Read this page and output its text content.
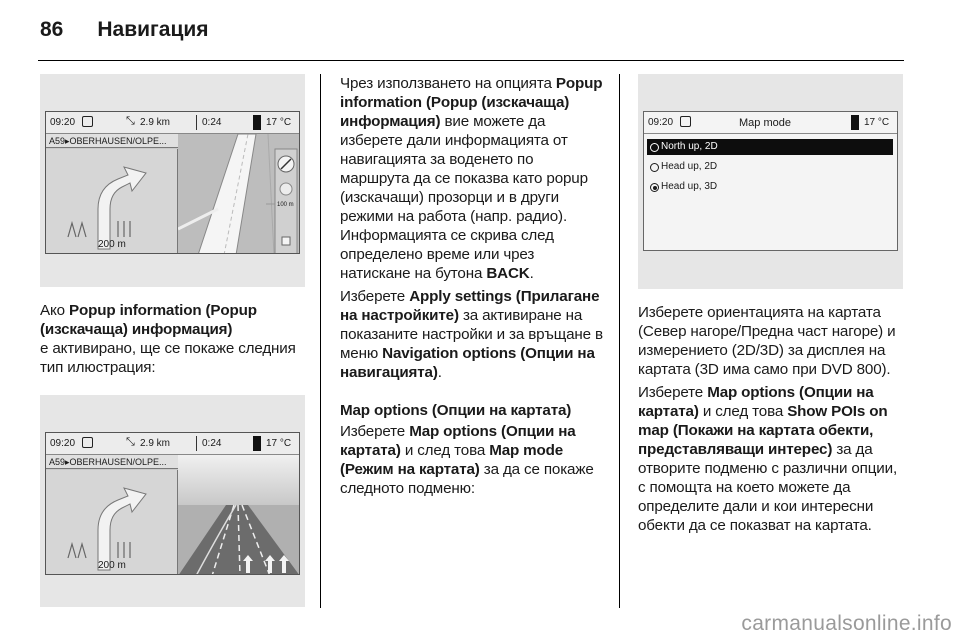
86 Навигация
09:20	⤡ 2.9 km	0:24	17 °C
A59▸OBERHAUSEN/OLPE...
200 m
100 m

Ако Popup information (Popup (изскачаща) информация)

е активирано, ще се покаже следния тип илюстрация:

09:20	⤡ 2.9 km	0:24	17 °C
A59▸OBERHAUSEN/OLPE...
200 m

Чрез използването на опцията Popup information (Popup (изскачаща) информация) вие можете да изберете дали информацията от навигацията за воденето по маршрута да се показва като popup (изскачащи) прозорци и в други режими на работа (напр. радио). Информацията се скрива след определено време или чрез натискане на бутона BACK.

Изберете Apply settings (Прилагане на настройките) за активиране на показаните настройки и за връщане в меню Navigation options (Опции на навигацията).

Map options (Опции на картата)

Изберете Map options (Опции на картата) и след това Map mode (Режим на картата) за да се покаже следното подменю:

09:20	Map mode	17 °C
North up, 2D
Head up, 2D
Head up, 3D

Изберете ориентацията на картата (Север нагоре/Предна част нагоре) и измерението (2D/3D) за дисплея на картата (3D има само при DVD 800).

Изберете Map options (Опции на картата) и след това Show POIs on map (Покажи на картата обекти, представляващи интерес) за да отворите подменю с различни опции, с помощта на което можете да определите дали и кои интересни обекти да се показват на картата.

carmanualsonline.info
